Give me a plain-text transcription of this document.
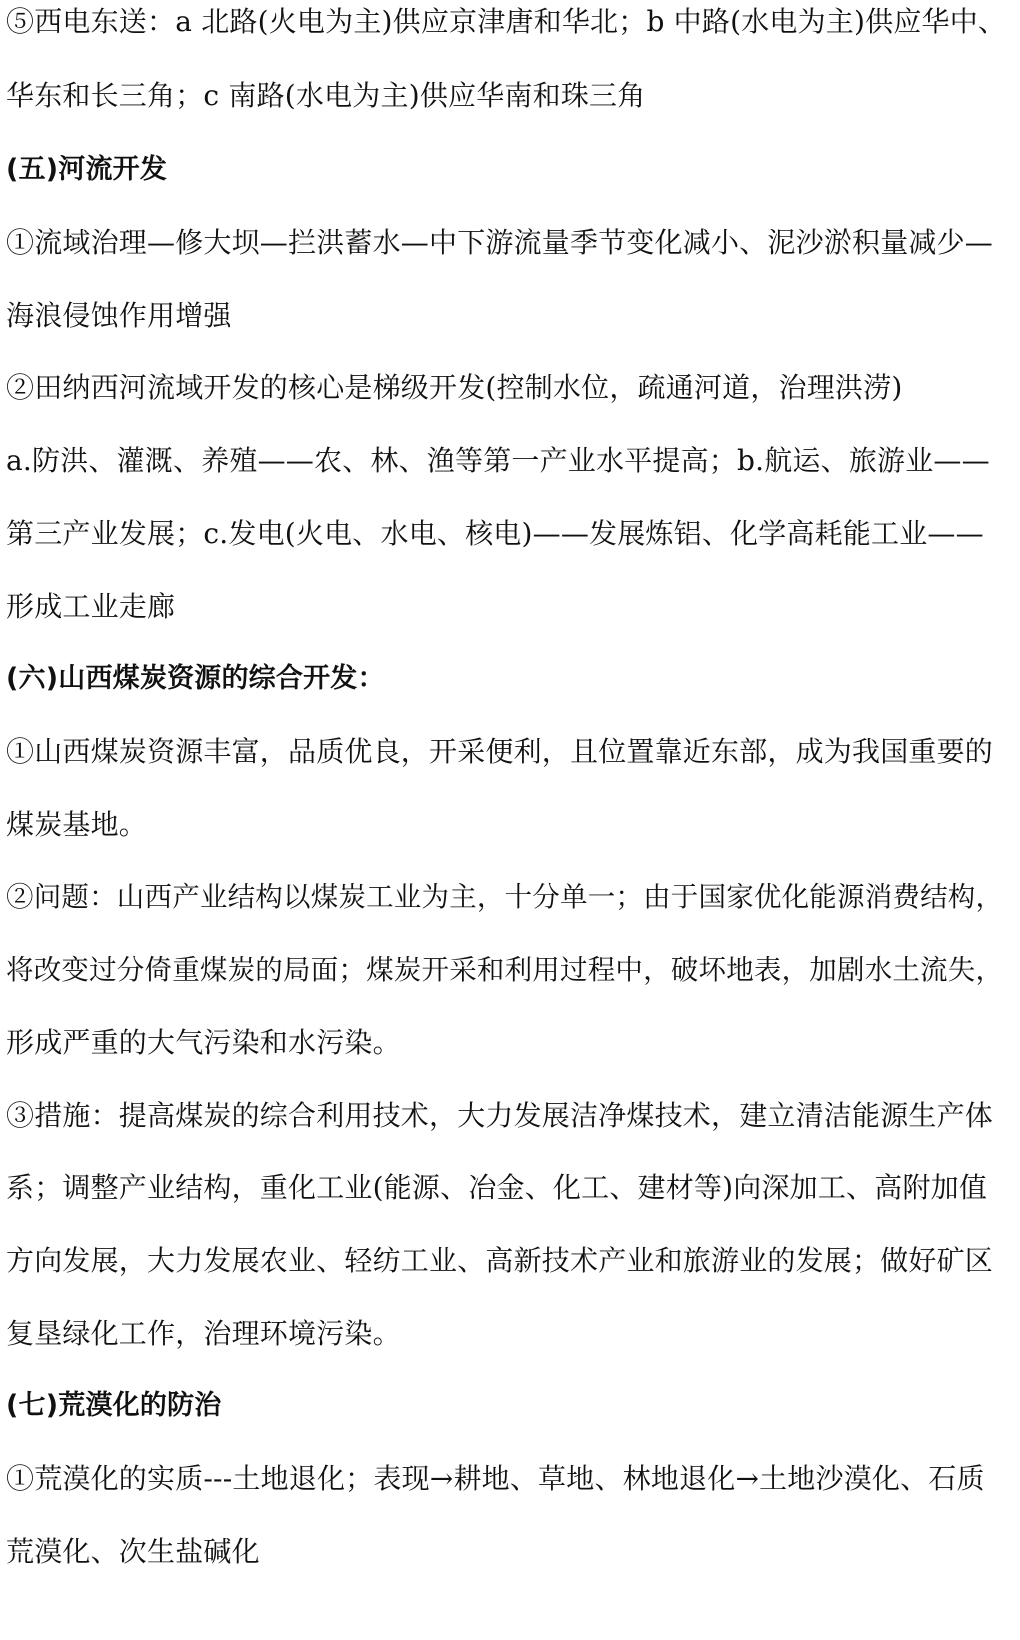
⑤西电东送：a 北路(火电为主)供应京津唐和华北；b 中路(水电为主)供应华中、
华东和长三角；c 南路(水电为主)供应华南和珠三角
(五)河流开发
①流域治理—修大坝—拦洪蓄水—中下游流量季节变化减小、泥沙淤积量减少—
海浪侵蚀作用增强
②田纳西河流域开发的核心是梯级开发(控制水位，疏通河道，治理洪涝)
a.防洪、灌溉、养殖——农、林、渔等第一产业水平提高；b.航运、旅游业——
第三产业发展；c.发电(火电、水电、核电)——发展炼铝、化学高耗能工业——
形成工业走廊
(六)山西煤炭资源的综合开发：
①山西煤炭资源丰富，品质优良，开采便利，且位置靠近东部，成为我国重要的
煤炭基地。
②问题：山西产业结构以煤炭工业为主，十分单一；由于国家优化能源消费结构，
将改变过分倚重煤炭的局面；煤炭开采和利用过程中，破坏地表，加剧水土流失，
形成严重的大气污染和水污染。
③措施：提高煤炭的综合利用技术，大力发展洁净煤技术，建立清洁能源生产体
系；调整产业结构，重化工业(能源、冶金、化工、建材等)向深加工、高附加值
方向发展，大力发展农业、轻纺工业、高新技术产业和旅游业的发展；做好矿区
复垦绿化工作，治理环境污染。
(七)荒漠化的防治
①荒漠化的实质---土地退化；表现→耕地、草地、林地退化→土地沙漠化、石质
荒漠化、次生盐碱化
